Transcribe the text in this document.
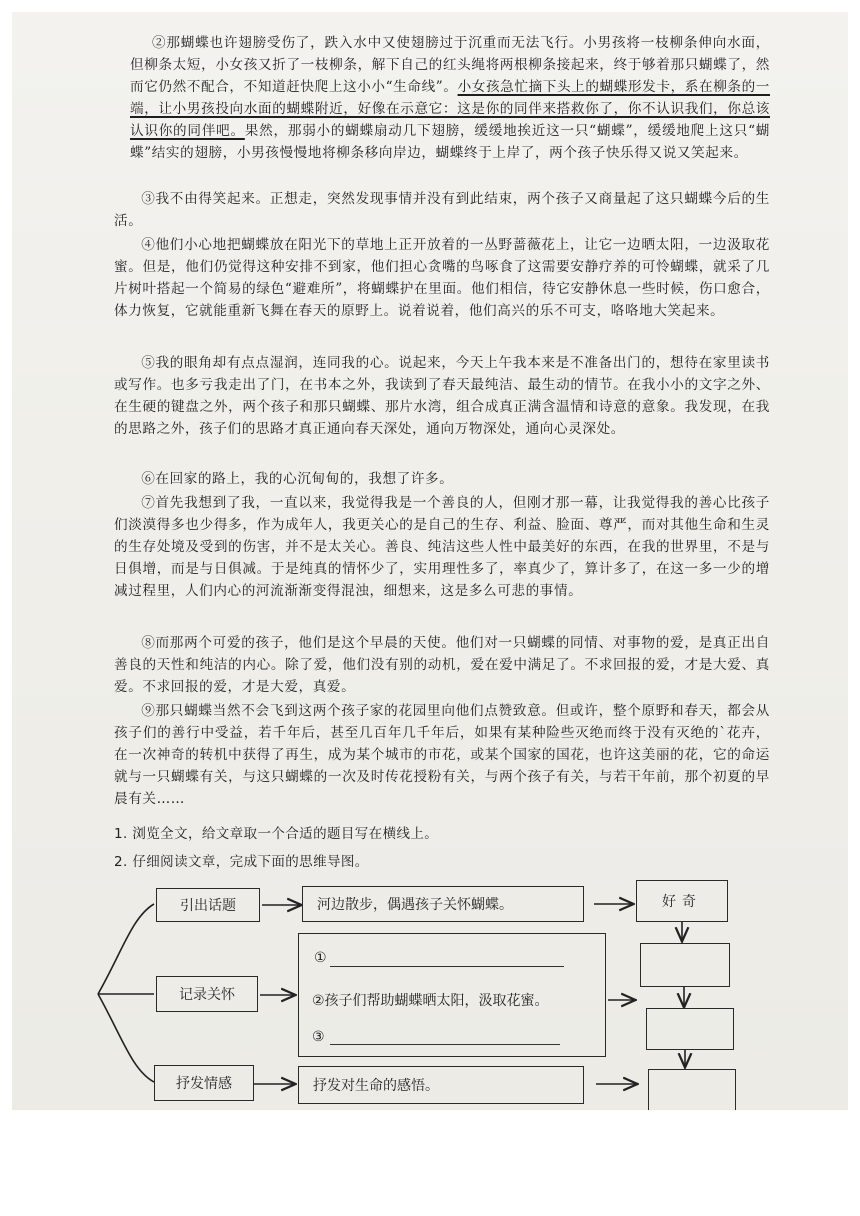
②那蝴蝶也许翅膀受伤了，跌入水中又使翅膀过于沉重而无法飞行。小男孩将一枝柳条伸向水面，但柳条太短，小女孩又折了一枝柳条，解下自己的红头绳将两根柳条接起来，终于够着那只蝴蝶了，然而它仍然不配合，不知道赶快爬上这小小“生命线”。小女孩急忙摘下头上的蝴蝶形发卡，系在柳条的一端，让小男孩投向水面的蝴蝶附近，好像在示意它：这是你的同伴来搭救你了，你不认识我们，你总该认识你的同伴吧。果然，那弱小的蝴蝶扇动几下翅膀，缓缓地挨近这一只“蝴蝶”，缓缓地爬上这只“蝴蝶”结实的翅膀，小男孩慢慢地将柳条移向岸边，蝴蝶终于上岸了，两个孩子快乐得又说又笑起来。
③我不由得笑起来。正想走，突然发现事情并没有到此结束，两个孩子又商量起了这只蝴蝶今后的生活。
④他们小心地把蝴蝶放在阳光下的草地上正开放着的一丛野蔷薇花上，让它一边晒太阳，一边汲取花蜜。但是，他们仍觉得这种安排不到家，他们担心贪嘴的鸟啄食了这需要安静疗养的可怜蝴蝶，就采了几片树叶搭起一个简易的绿色“避难所”，将蝴蝶护在里面。他们相信，待它安静休息一些时候，伤口愈合，体力恢复，它就能重新飞舞在春天的原野上。说着说着，他们高兴的乐不可支，咯咯地大笑起来。
⑤我的眼角却有点点湿润，连同我的心。说起来，今天上午我本来是不准备出门的，想待在家里读书或写作。也多亏我走出了门，在书本之外，我读到了春天最纯洁、最生动的情节。在我小小的文字之外、在生硬的键盘之外，两个孩子和那只蝴蝶、那片水湾，组合成真正满含温情和诗意的意象。我发现，在我的思路之外，孩子们的思路才真正通向春天深处，通向万物深处，通向心灵深处。
⑥在回家的路上，我的心沉甸甸的，我想了许多。
⑦首先我想到了我，一直以来，我觉得我是一个善良的人，但刚才那一幕，让我觉得我的善心比孩子们淡漠得多也少得多，作为成年人，我更关心的是自己的生存、利益、脸面、尊严，而对其他生命和生灵的生存处境及受到的伤害，并不是太关心。善良、纯洁这些人性中最美好的东西，在我的世界里，不是与日俱增，而是与日俱减。于是纯真的情怀少了，实用理性多了，率真少了，算计多了，在这一多一少的增减过程里，人们内心的河流渐渐变得混浊，细想来，这是多么可悲的事情。
⑧而那两个可爱的孩子，他们是这个早晨的天使。他们对一只蝴蝶的同情、对事物的爱，是真正出自善良的天性和纯洁的内心。除了爱，他们没有别的动机，爱在爱中满足了。不求回报的爱，才是大爱、真爱。不求回报的爱，才是大爱，真爱。
⑨那只蝴蝶当然不会飞到这两个孩子家的花园里向他们点赞致意。但或许，整个原野和春天，都会从孩子们的善行中受益，若千年后，甚至几百年几千年后，如果有某种险些灭绝而终于没有灭绝的`花卉，在一次神奇的转机中获得了再生，成为某个城市的市花，或某个国家的国花，也许这美丽的花，它的命运就与一只蝴蝶有关，与这只蝴蝶的一次及时传花授粉有关，与两个孩子有关，与若干年前，那个初夏的早晨有关……
1. 浏览全文，给文章取一个合适的题目写在横线上。
2. 仔细阅读文章，完成下面的思维导图。
引出话题
记录关怀
抒发情感
河边散步，偶遇孩子关怀蝴蝶。
①
②孩子们帮助蝴蝶晒太阳，汲取花蜜。
③
抒发对生命的感悟。
好奇
